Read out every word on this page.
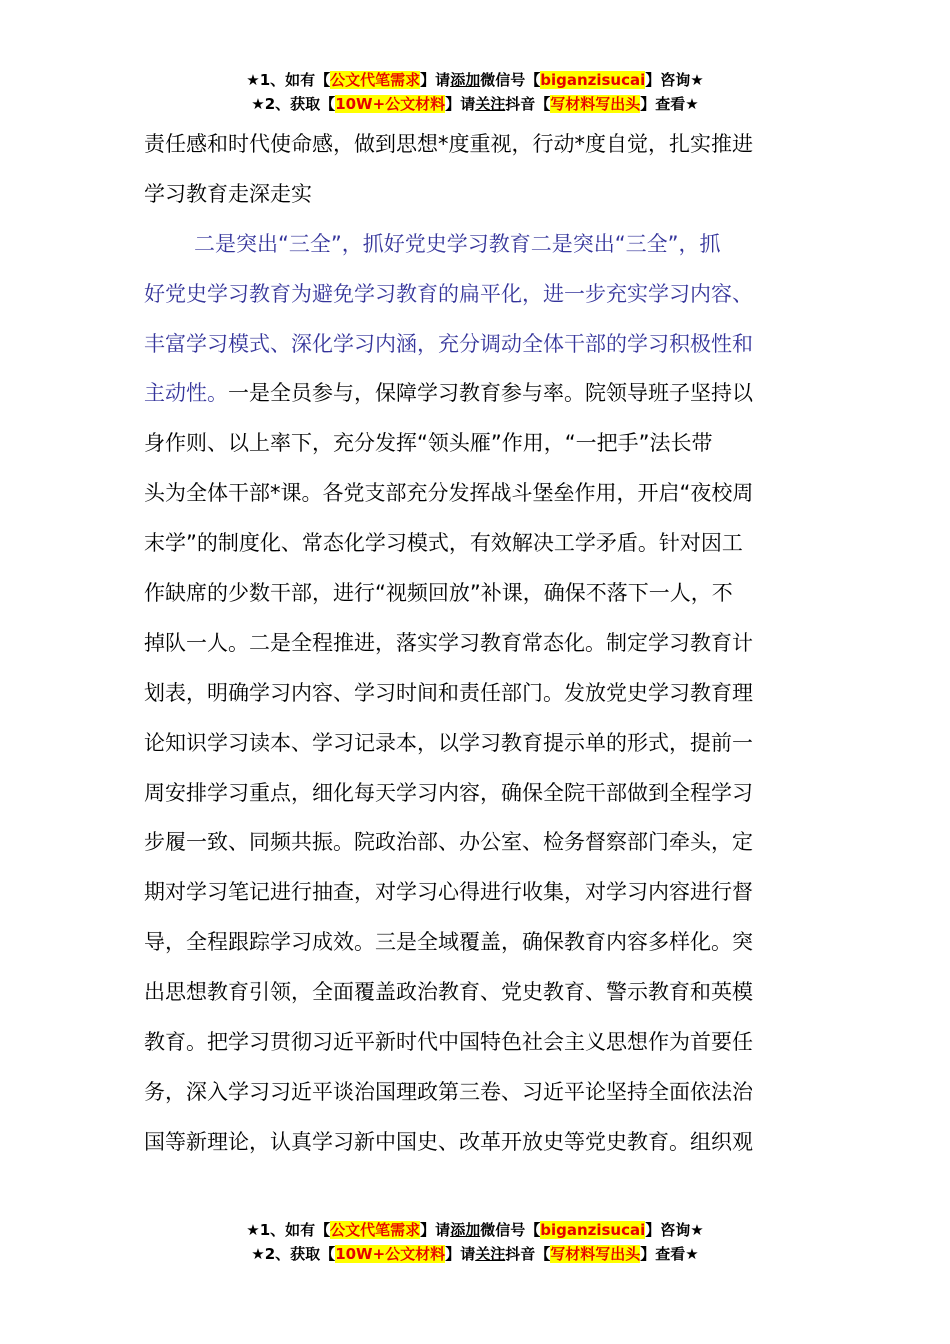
★1、如有【公文代笔需求】请添加微信号【biganzisucai】咨询★
★2、获取【10W+公文材料】请关注抖音【写材料写出头】查看★
责任感和时代使命感，做到思想*度重视，行动*度自觉，扎实推进
学习教育走深走实
二是突出“三全”，抓好党史学习教育二是突出“三全”，抓
好党史学习教育为避免学习教育的扁平化，进一步充实学习内容、
丰富学习模式、深化学习内涵，充分调动全体干部的学习积极性和
主动性。一是全员参与，保障学习教育参与率。院领导班子坚持以
身作则、以上率下，充分发挥“领头雁”作用，“一把手”法长带
头为全体干部*课。各党支部充分发挥战斗堡垒作用，开启“夜校周
末学”的制度化、常态化学习模式，有效解决工学矛盾。针对因工
作缺席的少数干部，进行“视频回放”补课，确保不落下一人，不
掉队一人。二是全程推进，落实学习教育常态化。制定学习教育计
划表，明确学习内容、学习时间和责任部门。发放党史学习教育理
论知识学习读本、学习记录本，以学习教育提示单的形式，提前一
周安排学习重点，细化每天学习内容，确保全院干部做到全程学习
步履一致、同频共振。院政治部、办公室、检务督察部门牵头，定
期对学习笔记进行抽查，对学习心得进行收集，对学习内容进行督
导，全程跟踪学习成效。三是全域覆盖，确保教育内容多样化。突
出思想教育引领，全面覆盖政治教育、党史教育、警示教育和英模
教育。把学习贯彻习近平新时代中国特色社会主义思想作为首要任
务，深入学习习近平谈治国理政第三卷、习近平论坚持全面依法治
国等新理论，认真学习新中国史、改革开放史等党史教育。组织观
★1、如有【公文代笔需求】请添加微信号【biganzisucai】咨询★
★2、获取【10W+公文材料】请关注抖音【写材料写出头】查看★
